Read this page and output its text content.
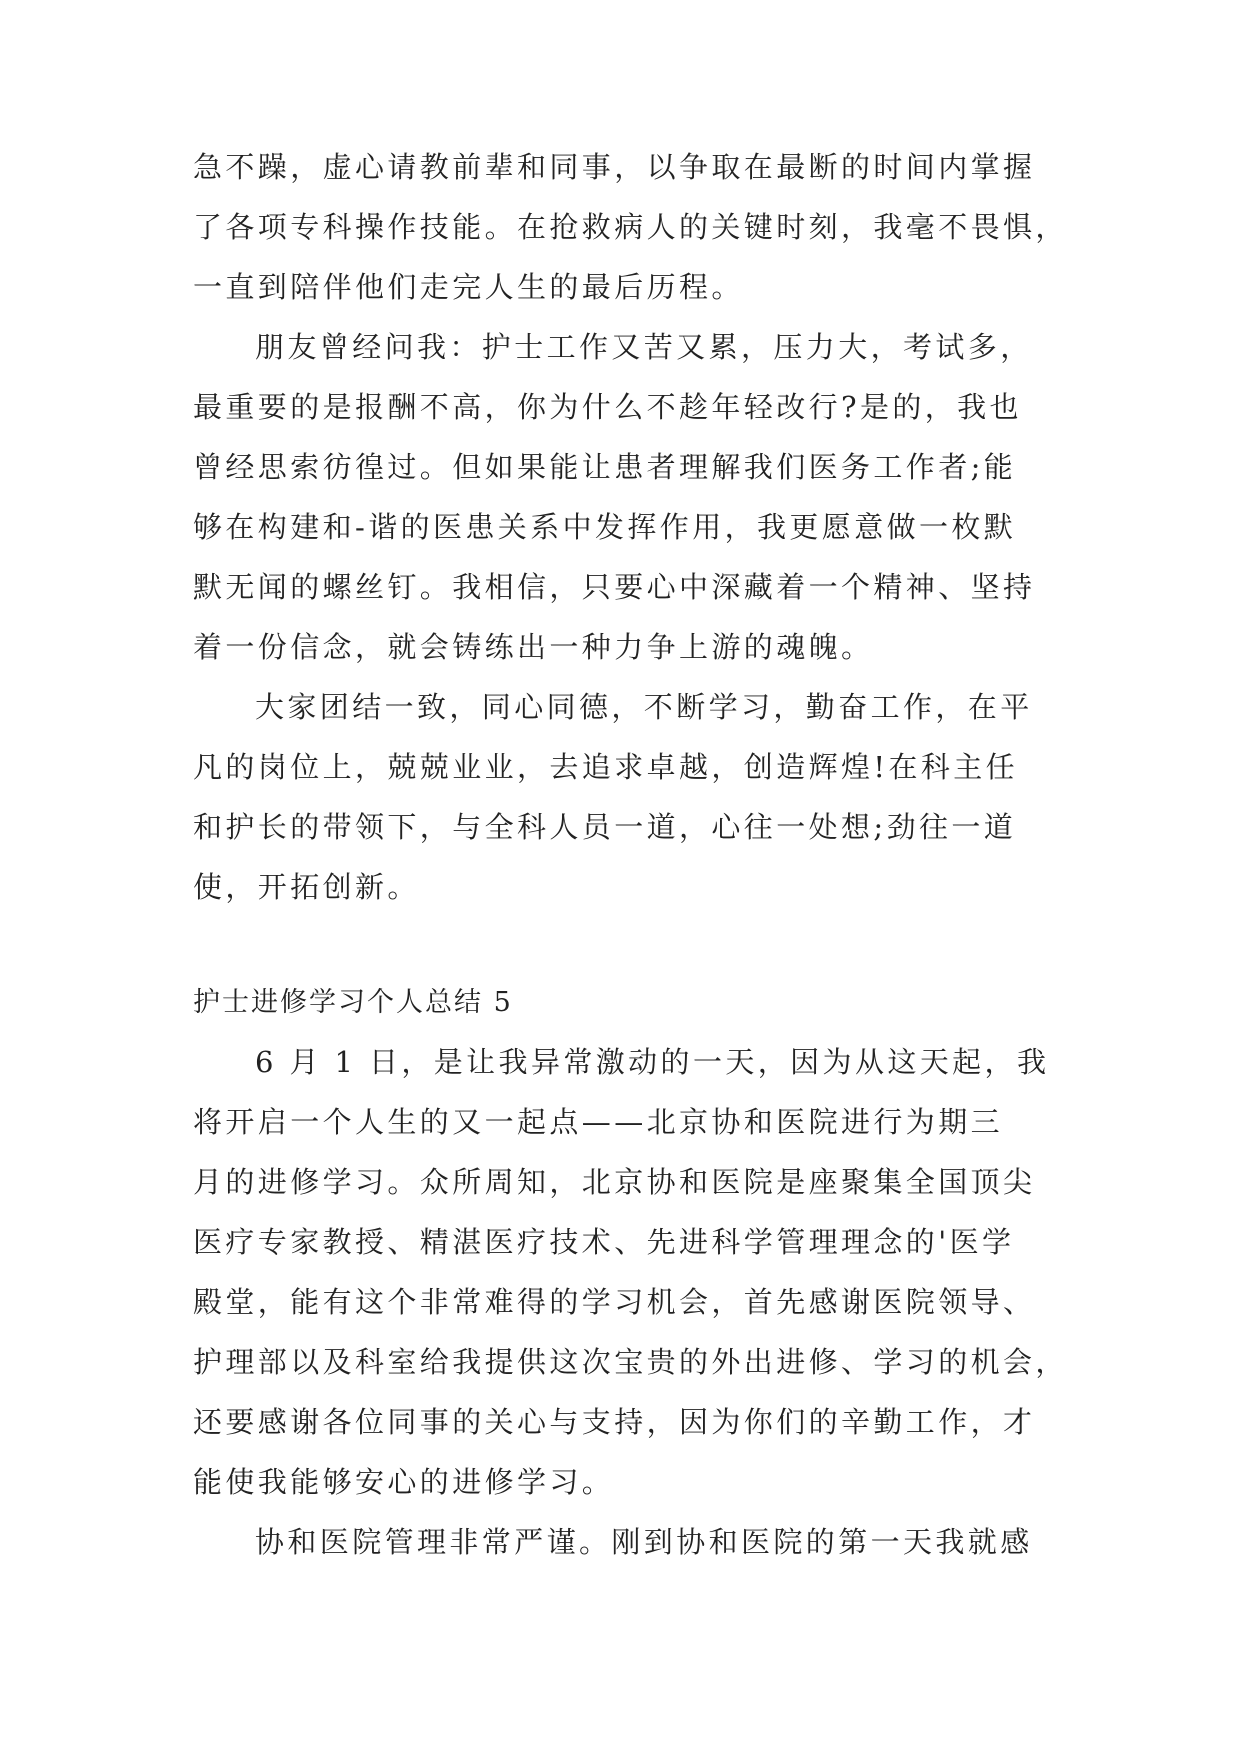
急不躁，虚心请教前辈和同事，以争取在最断的时间内掌握
了各项专科操作技能。在抢救病人的关键时刻，我毫不畏惧，
一直到陪伴他们走完人生的最后历程。
朋友曾经问我：护士工作又苦又累，压力大，考试多，
最重要的是报酬不高，你为什么不趁年轻改行?是的，我也
曾经思索彷徨过。但如果能让患者理解我们医务工作者;能
够在构建和-谐的医患关系中发挥作用，我更愿意做一枚默
默无闻的螺丝钉。我相信，只要心中深藏着一个精神、坚持
着一份信念，就会铸练出一种力争上游的魂魄。
大家团结一致，同心同德，不断学习，勤奋工作，在平
凡的岗位上，兢兢业业，去追求卓越，创造辉煌!在科主任
和护长的带领下，与全科人员一道，心往一处想;劲往一道
使，开拓创新。
护士进修学习个人总结 5
6 月 1 日，是让我异常激动的一天，因为从这天起，我
将开启一个人生的又一起点——北京协和医院进行为期三
月的进修学习。众所周知，北京协和医院是座聚集全国顶尖
医疗专家教授、精湛医疗技术、先进科学管理理念的'医学
殿堂，能有这个非常难得的学习机会，首先感谢医院领导、
护理部以及科室给我提供这次宝贵的外出进修、学习的机会，
还要感谢各位同事的关心与支持，因为你们的辛勤工作，才
能使我能够安心的进修学习。
协和医院管理非常严谨。刚到协和医院的第一天我就感
